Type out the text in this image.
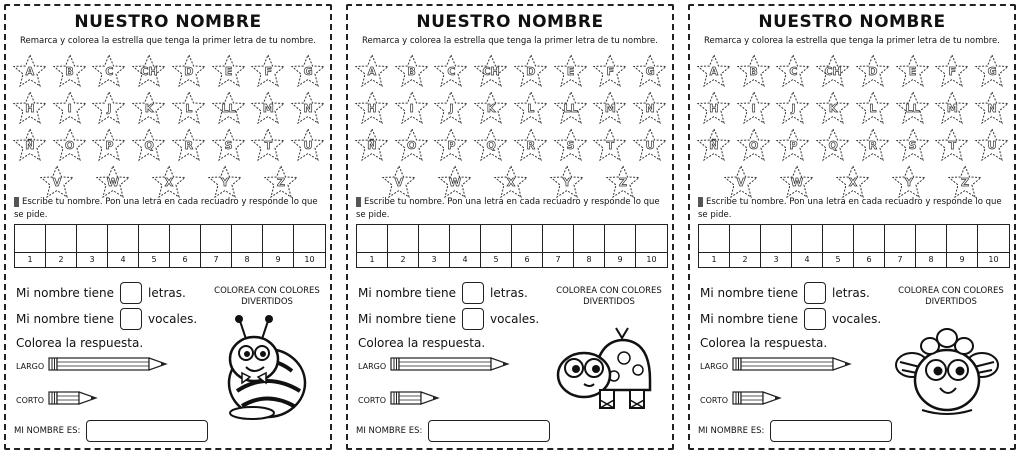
NUESTRO NOMBRE
Remarca y colorea la estrella que tenga la primer letra de tu nombre.
A	B	C	CH	D	E	F	G
H	I	J	K	L	LL	M	N
Ñ	O	P	Q	R	S	T	U
V	W	X	Y	Z
Escribe tu nombre. Pon una letra en cada recuadro y responde lo que se pide.
1	2	3	4	5	6	7	8	9	10
Mi nombre tiene	letras.
Mi nombre tiene	vocales.
Colorea la respuesta.
LARGO
CORTO
MI NOMBRE ES:
COLOREA CON COLORES DIVERTIDOS
NUESTRO NOMBRE
Remarca y colorea la estrella que tenga la primer letra de tu nombre.
A	B	C	CH	D	E	F	G
H	I	J	K	L	LL	M	N
Ñ	O	P	Q	R	S	T	U
V	W	X	Y	Z
Escribe tu nombre. Pon una letra en cada recuadro y responde lo que se pide.
1	2	3	4	5	6	7	8	9	10
Mi nombre tiene	letras.
Mi nombre tiene	vocales.
Colorea la respuesta.
LARGO
CORTO
MI NOMBRE ES:
COLOREA CON COLORES DIVERTIDOS
NUESTRO NOMBRE
Remarca y colorea la estrella que tenga la primer letra de tu nombre.
A	B	C	CH	D	E	F	G
H	I	J	K	L	LL	M	N
Ñ	O	P	Q	R	S	T	U
V	W	X	Y	Z
Escribe tu nombre. Pon una letra en cada recuadro y responde lo que se pide.
1	2	3	4	5	6	7	8	9	10
Mi nombre tiene	letras.
Mi nombre tiene	vocales.
Colorea la respuesta.
LARGO
CORTO
MI NOMBRE ES:
COLOREA CON COLORES DIVERTIDOS
